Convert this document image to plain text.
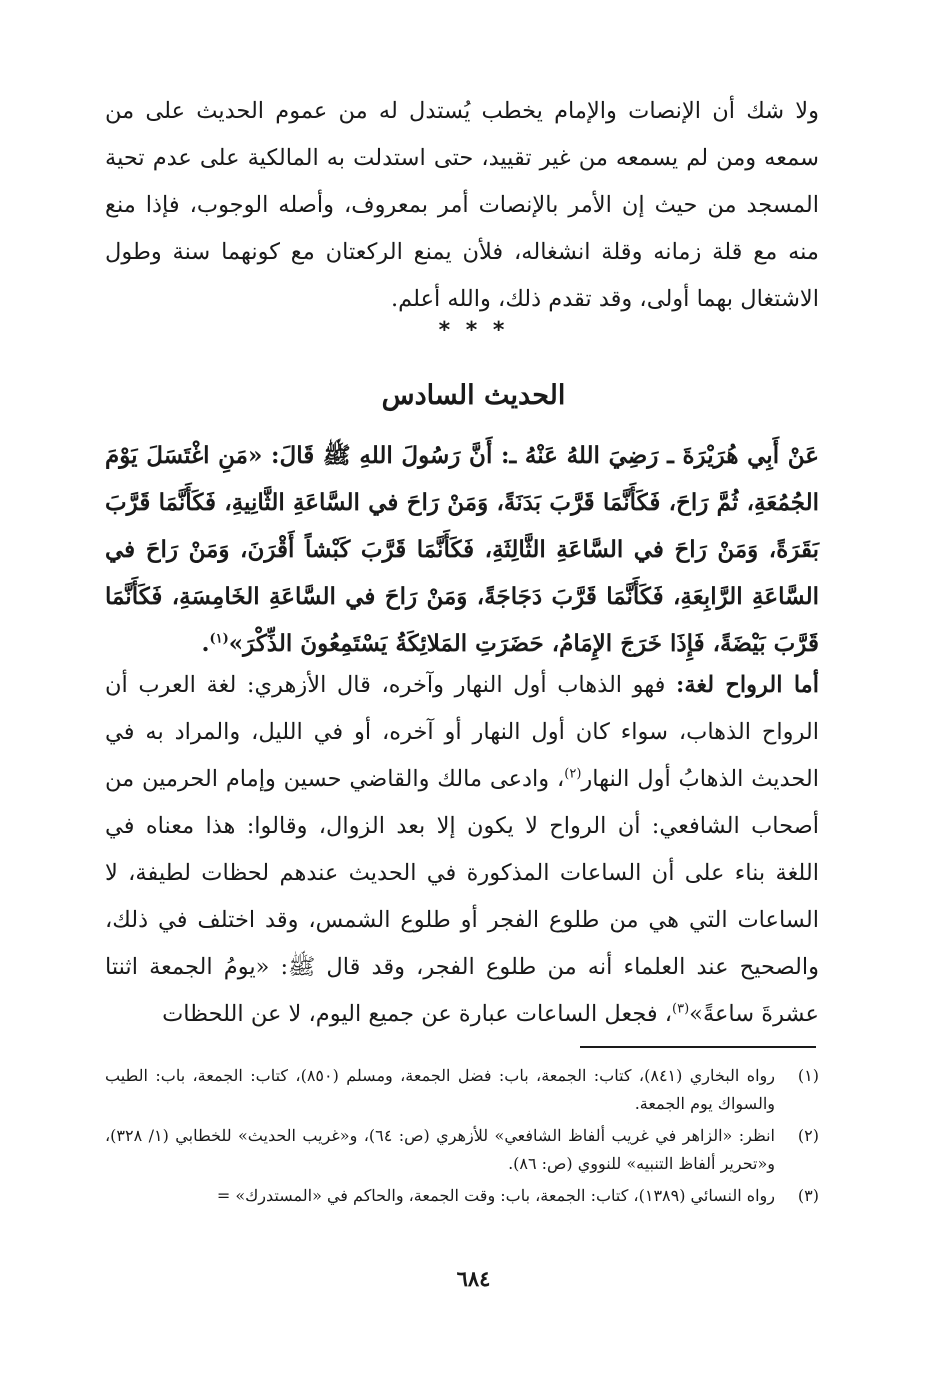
ولا شك أن الإنصات والإمام يخطب يُستدل له من عموم الحديث على من سمعه ومن لم يسمعه من غير تقييد، حتى استدلت به المالكية على عدم تحية المسجد من حيث إن الأمر بالإنصات أمر بمعروف، وأصله الوجوب، فإذا منع منه مع قلة زمانه وقلة انشغاله، فلأن يمنع الركعتان مع كونهما سنة وطول الاشتغال بهما أولى، وقد تقدم ذلك، والله أعلم.

* * *
الحديث السادس

عَنْ أَبِي هُرَيْرَةَ ـ رَضِيَ اللهُ عَنْهُ ـ: أَنَّ رَسُولَ اللهِ ﷺ قَالَ: «مَنِ اغْتَسَلَ يَوْمَ الجُمُعَةِ، ثُمَّ رَاحَ، فَكَأَنَّمَا قَرَّبَ بَدَنَةً، وَمَنْ رَاحَ في السَّاعَةِ الثَّانِيةِ، فَكَأَنَّمَا قَرَّبَ بَقَرَةً، وَمَنْ رَاحَ في السَّاعَةِ الثَّالِثَةِ، فَكَأَنَّمَا قَرَّبَ كَبْشاً أَقْرَنَ، وَمَنْ رَاحَ في السَّاعَةِ الرَّابِعَةِ، فَكَأَنَّمَا قَرَّبَ دَجَاجَةً، وَمَنْ رَاحَ في السَّاعَةِ الخَامِسَةِ، فَكَأَنَّمَا قَرَّبَ بَيْضَةً، فَإِذَا خَرَجَ الإِمَامُ، حَضَرَتِ المَلائِكَةُ يَسْتَمِعُونَ الذِّكْرَ»$^{(١)}$.

أما الرواح لغة: فهو الذهاب أول النهار وآخره، قال الأزهري: لغة العرب أن الرواح الذهاب، سواء كان أول النهار أو آخره، أو في الليل، والمراد به في الحديث الذهابُ أول النهار$^{(٢)}$، وادعى مالك والقاضي حسين وإمام الحرمين من أصحاب الشافعي: أن الرواح لا يكون إلا بعد الزوال، وقالوا: هذا معناه في اللغة بناء على أن الساعات المذكورة في الحديث عندهم لحظات لطيفة، لا الساعات التي هي من طلوع الفجر أو طلوع الشمس، وقد اختلف في ذلك، والصحيح عند العلماء أنه من طلوع الفجر، وقد قال ﷺ: «يومُ الجمعة اثنتا عشرةَ ساعةً»$^{(٣)}$، فجعل الساعات عبارة عن جميع اليوم، لا عن اللحظات

(١)
رواه البخاري (٨٤١)، كتاب: الجمعة، باب: فضل الجمعة، ومسلم (٨٥٠)، كتاب: الجمعة، باب: الطيب والسواك يوم الجمعة.
(٢)
انظر: «الزاهر في غريب ألفاظ الشافعي» للأزهري (ص: ٦٤)، و«غريب الحديث» للخطابي (١/ ٣٢٨)، و«تحرير ألفاظ التنبيه» للنووي (ص: ٨٦).
(٣)
رواه النسائي (١٣٨٩)، كتاب: الجمعة، باب: وقت الجمعة، والحاكم في «المستدرك» =
٦٨٤
